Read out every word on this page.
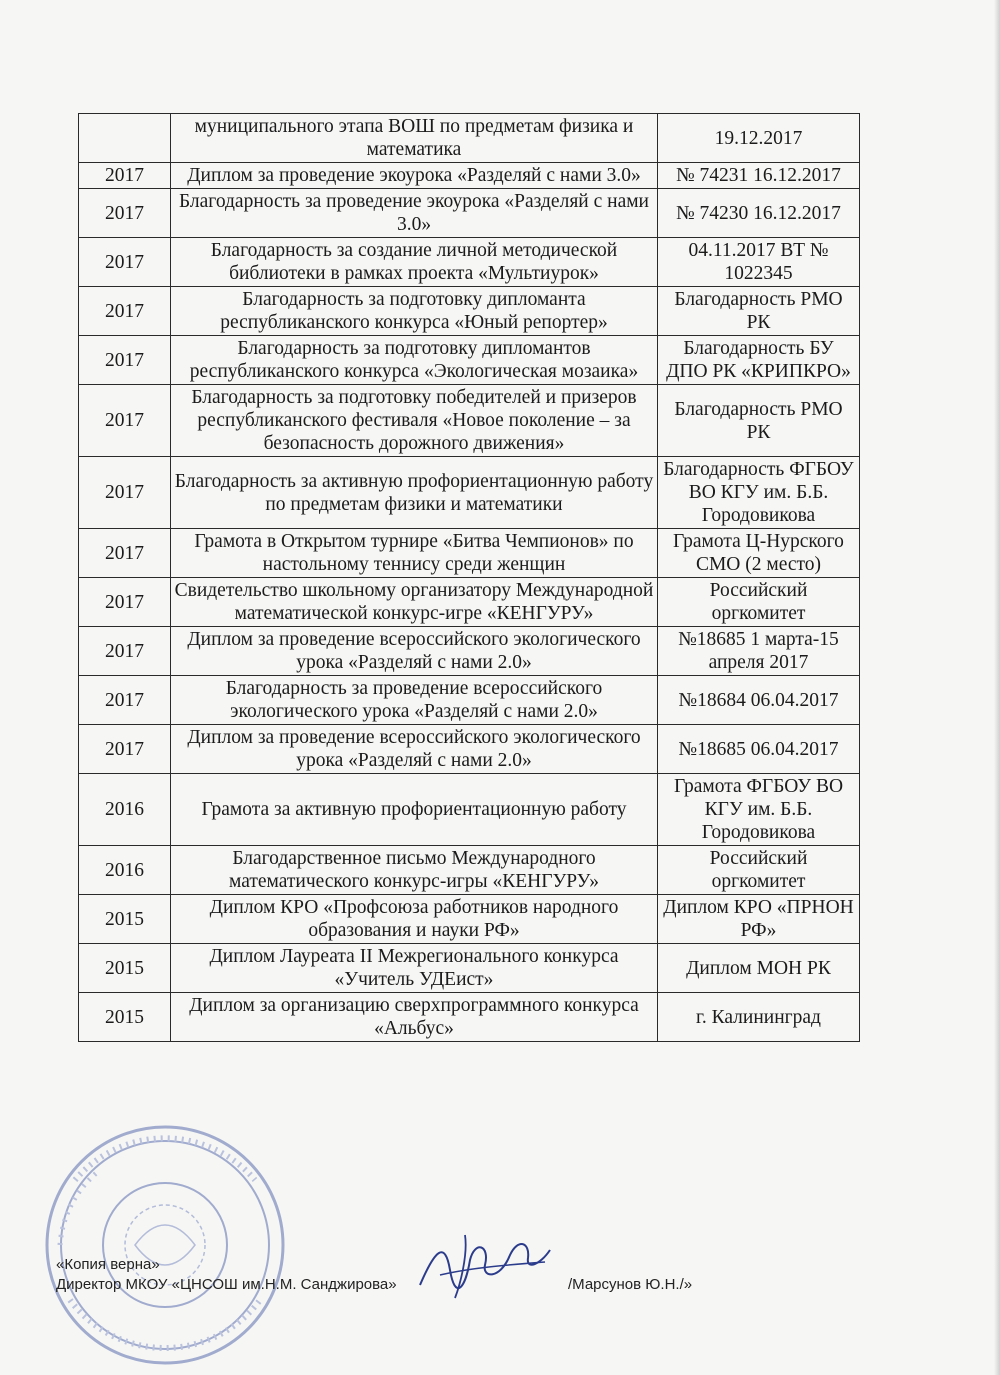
	муниципального этапа ВОШ по предметам физика и математика	19.12.2017
2017	Диплом за проведение экоурока «Разделяй с нами 3.0»	№ 74231 16.12.2017
2017	Благодарность за проведение экоурока «Разделяй с нами 3.0»	№ 74230 16.12.2017
2017	Благодарность за создание личной методической библиотеки в рамках проекта «Мультиурок»	04.11.2017 ВТ № 1022345
2017	Благодарность за подготовку дипломанта республиканского конкурса «Юный репортер»	Благодарность РМО РК
2017	Благодарность за подготовку дипломантов республиканского конкурса «Экологическая мозаика»	Благодарность БУ ДПО РК «КРИПКРО»
2017	Благодарность за подготовку победителей и призеров республиканского фестиваля «Новое поколение – за безопасность дорожного движения»	Благодарность РМО РК
2017	Благодарность за активную профориентационную работу по предметам физики и математики	Благодарность ФГБОУ ВО КГУ им. Б.Б. Городовикова
2017	Грамота в Открытом турнире «Битва Чемпионов» по настольному теннису среди женщин	Грамота Ц-Нурского СМО (2 место)
2017	Свидетельство школьному организатору Международной математической конкурс-игре «КЕНГУРУ»	Российский оргкомитет
2017	Диплом за проведение всероссийского экологического урока «Разделяй с нами 2.0»	№18685 1 марта-15 апреля 2017
2017	Благодарность за проведение всероссийского экологического урока «Разделяй с нами 2.0»	№18684 06.04.2017
2017	Диплом за проведение всероссийского экологического урока «Разделяй с нами 2.0»	№18685 06.04.2017
2016	Грамота за активную профориентационную работу	Грамота ФГБОУ ВО КГУ им. Б.Б. Городовикова
2016	Благодарственное письмо Международного математического конкурс-игры «КЕНГУРУ»	Российский оргкомитет
2015	Диплом КРО «Профсоюза работников народного образования и науки РФ»	Диплом КРО «ПРНОН РФ»
2015	Диплом Лауреата II Межрегионального конкурса «Учитель УДЕист»	Диплом МОН РК
2015	Диплом за организацию сверхпрограммного конкурса «Альбус»	г. Калининград
«Копия верна»
Директор МКОУ «ЦНСОШ им.Н.М. Санджирова»	/Марсунов Ю.Н./»
